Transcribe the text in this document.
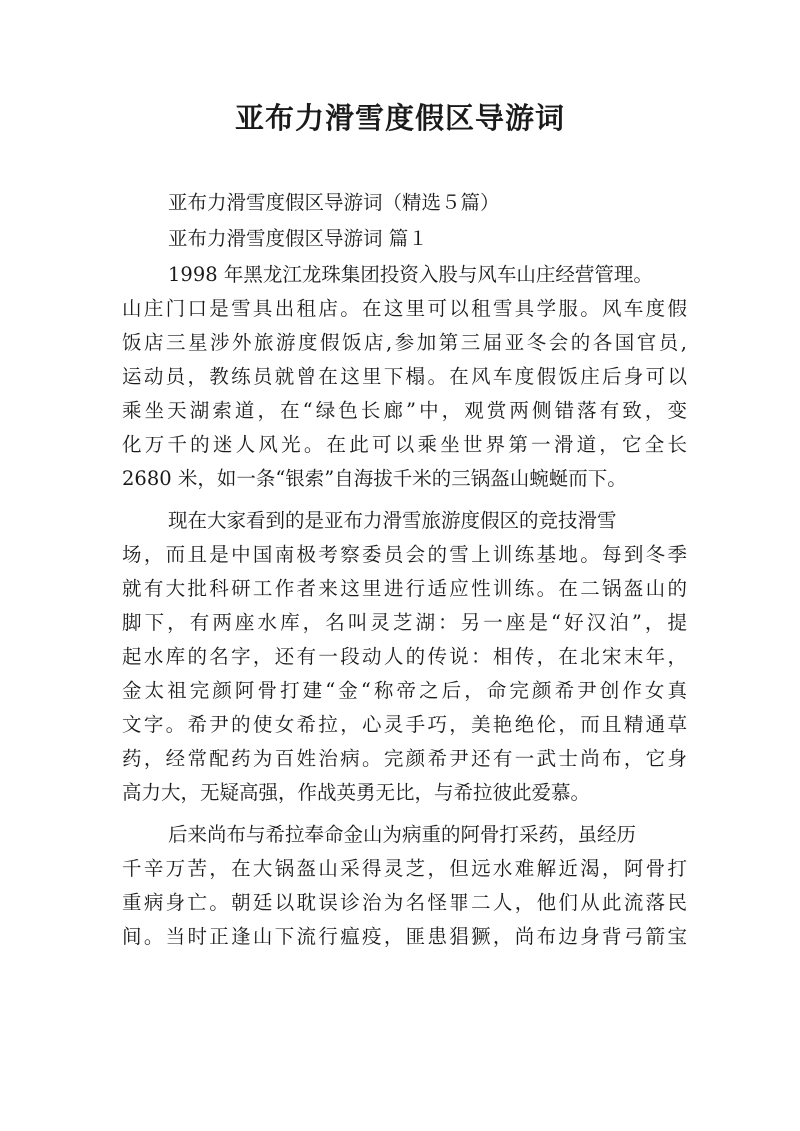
亚布力滑雪度假区导游词
亚布力滑雪度假区导游词（精选５篇）
亚布力滑雪度假区导游词 篇１
1998 年黑龙江龙珠集团投资入股与风车山庄经营管理。
山庄门口是雪具出租店。在这里可以租雪具学服。风车度假
饭店三星涉外旅游度假饭店,参加第三届亚冬会的各国官员,
运动员，教练员就曾在这里下榻。在风车度假饭庄后身可以
乘坐天湖索道，在“绿色长廊”中，观赏两侧错落有致，变
化万千的迷人风光。在此可以乘坐世界第一滑道，它全长
2680 米，如一条“银索”自海拔千米的三锅盔山蜿蜒而下。
现在大家看到的是亚布力滑雪旅游度假区的竞技滑雪
场，而且是中国南极考察委员会的雪上训练基地。每到冬季
就有大批科研工作者来这里进行适应性训练。在二锅盔山的
脚下，有两座水库，名叫灵芝湖：另一座是“好汉泊”，提
起水库的名字，还有一段动人的传说：相传，在北宋末年，
金太祖完颜阿骨打建“金“称帝之后，命完颜希尹创作女真
文字。希尹的使女希拉，心灵手巧，美艳绝伦，而且精通草
药，经常配药为百姓治病。完颜希尹还有一武士尚布，它身
高力大，无疑高强，作战英勇无比，与希拉彼此爱慕。
后来尚布与希拉奉命金山为病重的阿骨打采药，虽经历
千辛万苦，在大锅盔山采得灵芝，但远水难解近渴，阿骨打
重病身亡。朝廷以耽误诊治为名怪罪二人，他们从此流落民
间。当时正逢山下流行瘟疫，匪患猖獗，尚布边身背弓箭宝
